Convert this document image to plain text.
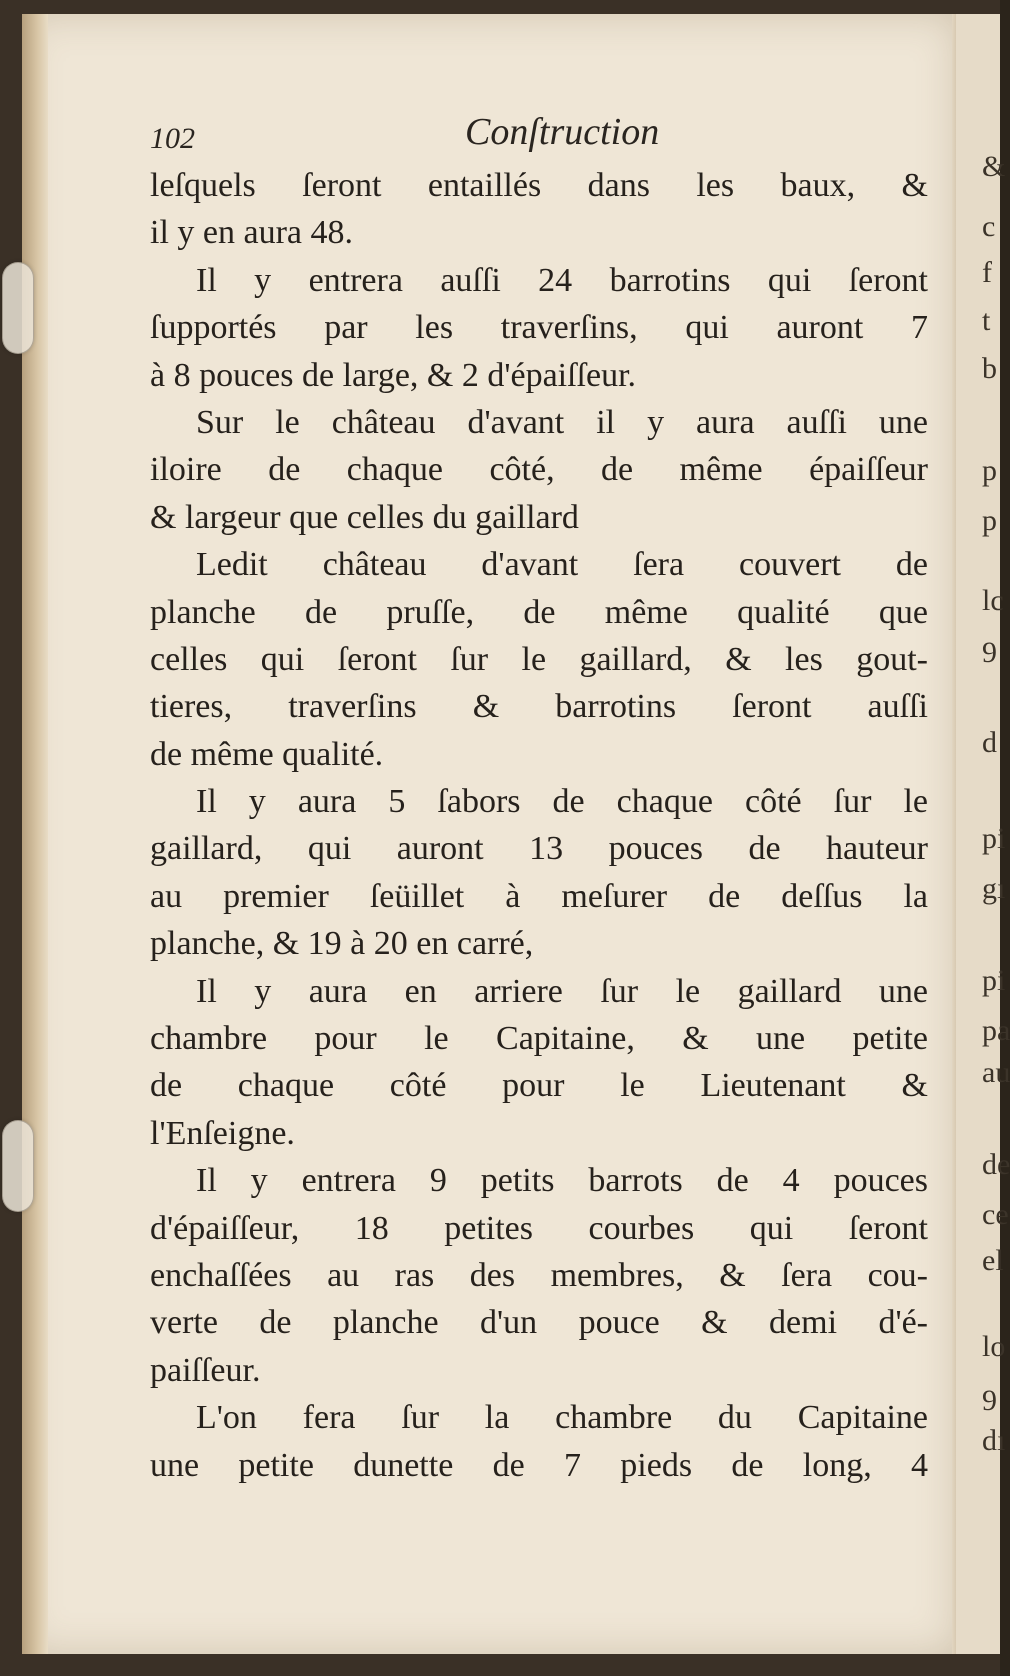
&
c
f
t
b
p
p
lc
9
d
pi
gı
pi
pa
au
de
ce
el
lo
9
dı
102	Conſtruction
leſquels ſeront entaillés dans les baux, &
il y en aura 48.
Il y entrera auſſi 24 barrotins qui ſeront
ſupportés par les traverſins, qui auront 7
à 8 pouces de large, & 2 d'épaiſſeur.
Sur le château d'avant il y aura auſſi une
iloire de chaque côté, de même épaiſſeur
& largeur que celles du gaillard
Ledit château d'avant ſera couvert de
planche de pruſſe, de même qualité que
celles qui ſeront ſur le gaillard, & les gout-
tieres, traverſins & barrotins ſeront auſſi
de même qualité.
Il y aura 5 ſabors de chaque côté ſur le
gaillard, qui auront 13 pouces de hauteur
au premier ſeüillet à meſurer de deſſus la
planche, & 19 à 20 en carré,
Il y aura en arriere ſur le gaillard une
chambre pour le Capitaine, & une petite
de chaque côté pour le Lieutenant &
l'Enſeigne.
Il y entrera 9 petits barrots de 4 pouces
d'épaiſſeur, 18 petites courbes qui ſeront
enchaſſées au ras des membres, & ſera cou-
verte de planche d'un pouce & demi d'é-
paiſſeur.
L'on fera ſur la chambre du Capitaine
une petite dunette de 7 pieds de long, 4
